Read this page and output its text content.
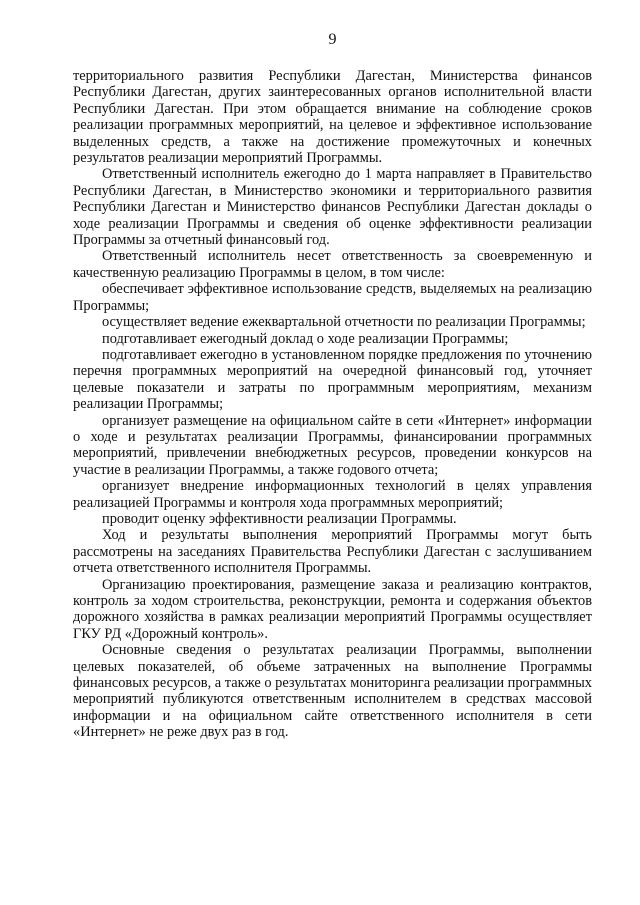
9

территориального развития Республики Дагестан, Министерства финансов Республики Дагестан, других заинтересованных органов исполнительной власти Республики Дагестан. При этом обращается внимание на соблюдение сроков реализации программных мероприятий, на целевое и эффективное использование выделенных средств, а также на достижение промежуточных и конечных результатов реализации мероприятий Программы.

Ответственный исполнитель ежегодно до 1 марта направляет в Правительство Республики Дагестан, в Министерство экономики и территориального развития Республики Дагестан и Министерство финансов Республики Дагестан доклады о ходе реализации Программы и сведения об оценке эффективности реализации Программы за отчетный финансовый год.

Ответственный исполнитель несет ответственность за своевременную и качественную реализацию Программы в целом, в том числе:

обеспечивает эффективное использование средств, выделяемых на реализацию Программы;

осуществляет ведение ежеквартальной отчетности по реализации Программы;

подготавливает ежегодный доклад о ходе реализации Программы;

подготавливает ежегодно в установленном порядке предложения по уточнению перечня программных мероприятий на очередной финансовый год, уточняет целевые показатели и затраты по программным мероприятиям, механизм реализации Программы;

организует размещение на официальном сайте в сети «Интернет» информации о ходе и результатах реализации Программы, финансировании программных мероприятий, привлечении внебюджетных ресурсов, проведении конкурсов на участие в реализации Программы, а также годового отчета;

организует внедрение информационных технологий в целях управления реализацией Программы и контроля хода программных мероприятий;

проводит оценку эффективности реализации Программы.

Ход и результаты выполнения мероприятий Программы могут быть рассмотрены на заседаниях Правительства Республики Дагестан с заслушиванием отчета ответственного исполнителя Программы.

Организацию проектирования, размещение заказа и реализацию контрактов, контроль за ходом строительства, реконструкции, ремонта и содержания объектов дорожного хозяйства в рамках реализации мероприятий Программы осуществляет ГКУ РД «Дорожный контроль».

Основные сведения о результатах реализации Программы, выполнении целевых показателей, об объеме затраченных на выполнение Программы финансовых ресурсов, а также о результатах мониторинга реализации программных мероприятий публикуются ответственным исполнителем в средствах массовой информации и на официальном сайте ответственного исполнителя в сети «Интернет» не реже двух раз в год.
